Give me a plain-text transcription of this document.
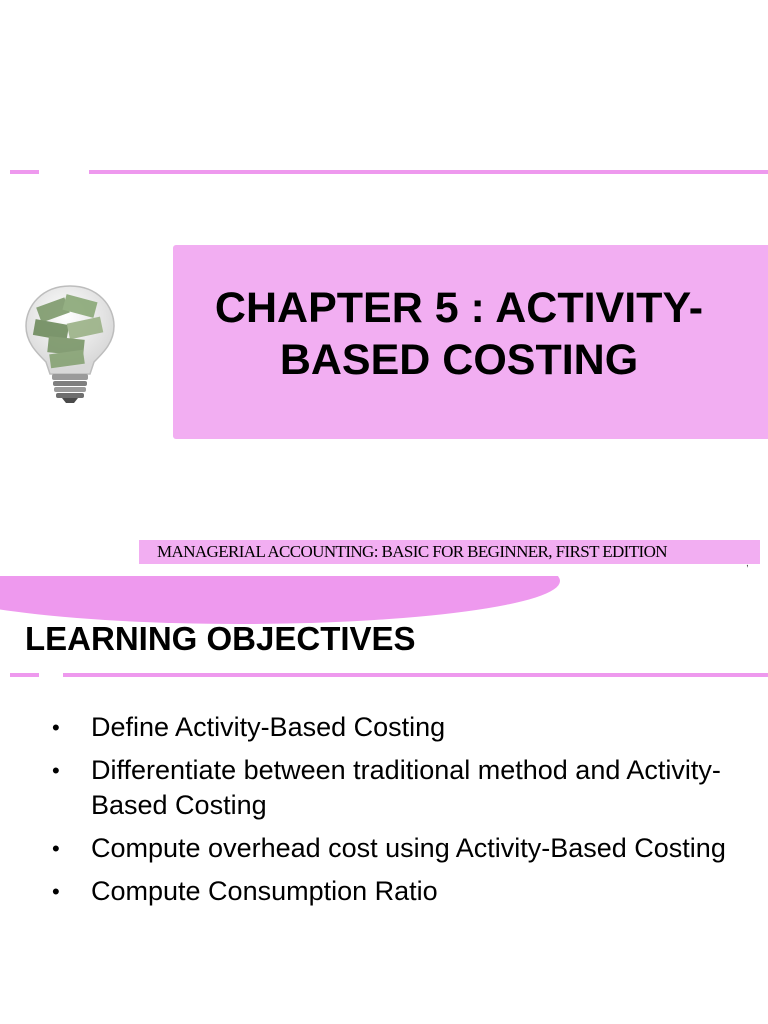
CHAPTER 5 : ACTIVITY-BASED COSTING
MANAGERIAL ACCOUNTING: BASIC FOR BEGINNER, FIRST EDITION
,
LEARNING OBJECTIVES
• Define Activity-Based Costing
• Differentiate between traditional method and Activity-Based Costing
• Compute overhead cost using Activity-Based Costing
• Compute Consumption Ratio
